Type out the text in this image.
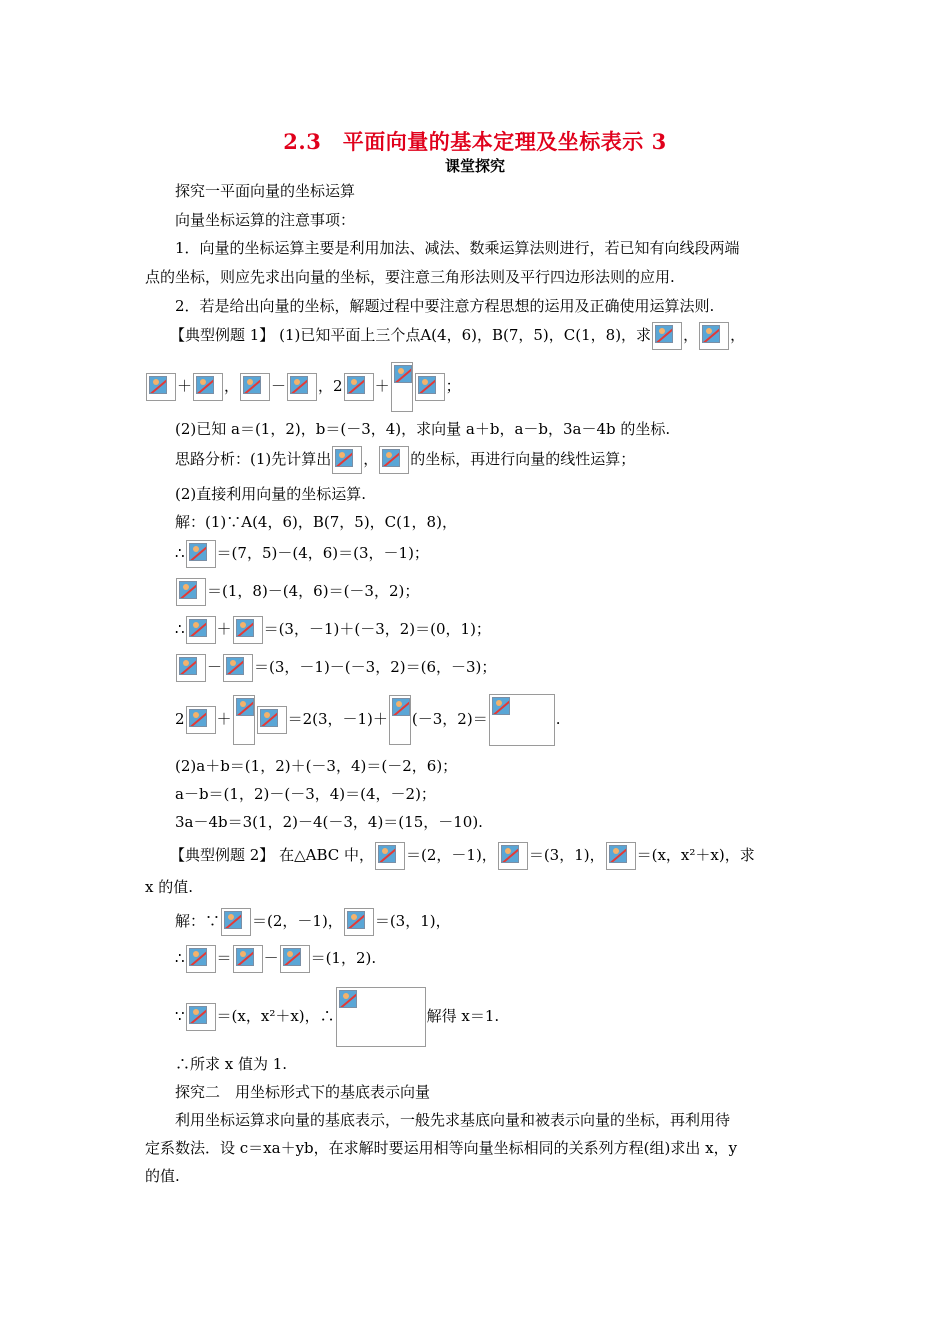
2.3　平面向量的基本定理及坐标表示 3
课堂探究
探究一平面向量的坐标运算
向量坐标运算的注意事项：
1．向量的坐标运算主要是利用加法、减法、数乘运算法则进行，若已知有向线段两端
点的坐标，则应先求出向量的坐标，要注意三角形法则及平行四边形法则的应用.
2．若是给出向量的坐标，解题过程中要注意方程思想的运用及正确使用运算法则.
【典型例题 1】 (1)已知平面上三个点A(4，6)，B(7，5)，C(1，8)，求 ， ，
＋ ， － ，2 ＋	；
(2)已知 a＝(1，2)，b＝(－3，4)，求向量 a＋b，a－b，3a－4b 的坐标.
思路分析：(1)先计算出 ， 的坐标，再进行向量的线性运算；
(2)直接利用向量的坐标运算.
解：(1)∵A(4，6)，B(7，5)，C(1，8)，
∴ ＝(7，5)－(4，6)＝(3，－1)；
＝(1，8)－(4，6)＝(－3，2)；
∴ ＋ ＝(3，－1)＋(－3，2)＝(0，1)；
－ ＝(3，－1)－(－3，2)＝(6，－3)；
2 ＋	＝2(3，－1)＋ (－3，2)＝	.
(2)a＋b＝(1，2)＋(－3，4)＝(－2，6)；
a－b＝(1，2)－(－3，4)＝(4，－2)；
3a－4b＝3(1，2)－4(－3，4)＝(15，－10).
【典型例题 2】 在△ABC 中， ＝(2，－1)， ＝(3，1)， ＝(x，x²＋x)，求
x 的值.
解：∵ ＝(2，－1)， ＝(3，1)，
∴ ＝ － ＝(1，2).
∵ ＝(x，x²＋x)，∴	解得 x＝1.
∴所求 x 值为 1.
探究二　用坐标形式下的基底表示向量
利用坐标运算求向量的基底表示，一般先求基底向量和被表示向量的坐标，再利用待
定系数法．设 c＝xa＋yb，在求解时要运用相等向量坐标相同的关系列方程(组)求出 x，y
的值.
